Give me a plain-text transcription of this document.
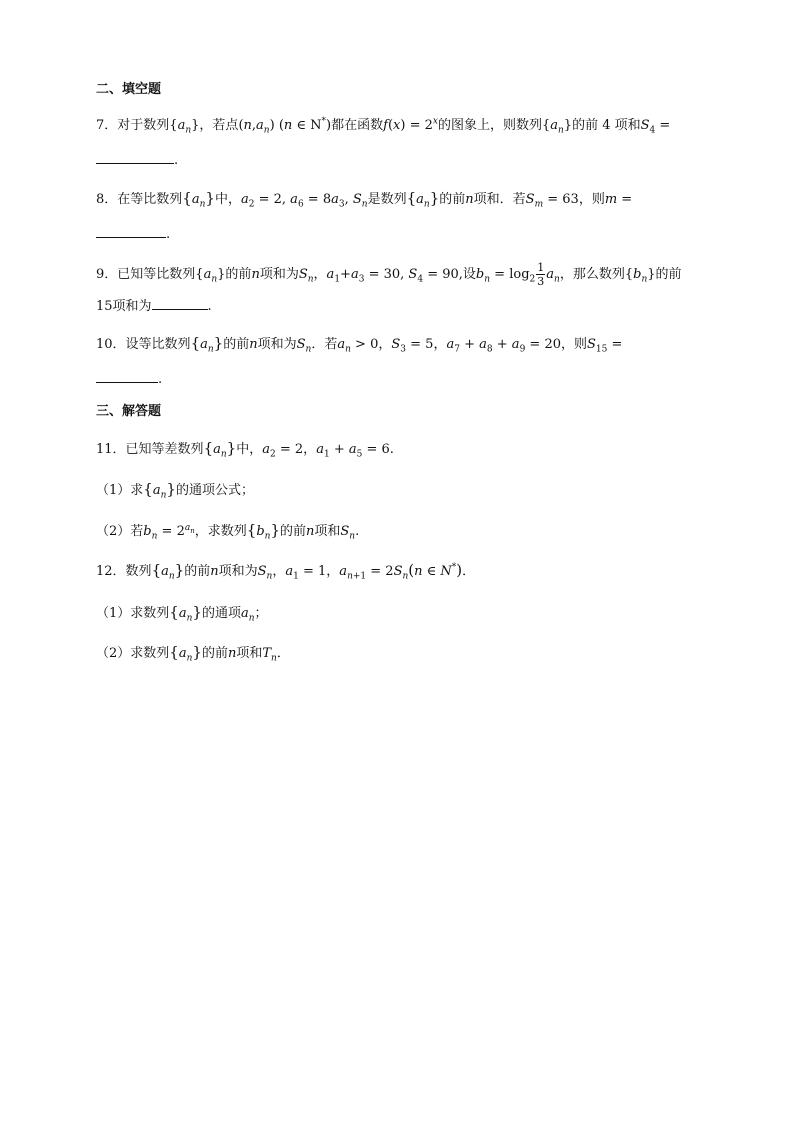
二、填空题
7．对于数列$\{a_n\}$，若点$(n,a_n)$ (n ∈ N*)都在函数$f(x) = 2^x$的图象上，则数列$\{a_n\}$的前 4 项和$S_4$ =
.
8．在等比数列$\{a_n\}$中，$a_2 = 2$, $a_6 = 8a_3$, $S_n$是数列$\{a_n\}$的前n项和．若$S_m = 63$，则m =
.
9．已知等比数列$\{a_n\}$的前n项和为$S_n$，$a_1+a_3 = 30$, $S_4 = 90$,设$b_n = \log_2 \frac{1}{3} a_n$，那么数列$\{b_n\}$的前
15项和为	.
10．设等比数列$\{a_n\}$的前n项和为$S_n$．若$a_n > 0$，$S_3 = 5$，$a_7 + a_8 + a_9 = 20$，则$S_{15}$ =
.
三、解答题
11．已知等差数列$\{a_n\}$中，$a_2 = 2$，$a_1 + a_5 = 6$.
（1）求$\{a_n\}$的通项公式；
（2）若$b_n = 2^{a_n}$，求数列$\{b_n\}$的前n项和$S_n$.
12．数列$\{a_n\}$的前n项和为$S_n$，$a_1 = 1$，$a_{n+1} = 2S_n(n$ ∈ N*)．
（1）求数列$\{a_n\}$的通项$a_n$；
（2）求数列$\{a_n\}$的前n项和$T_n$．
